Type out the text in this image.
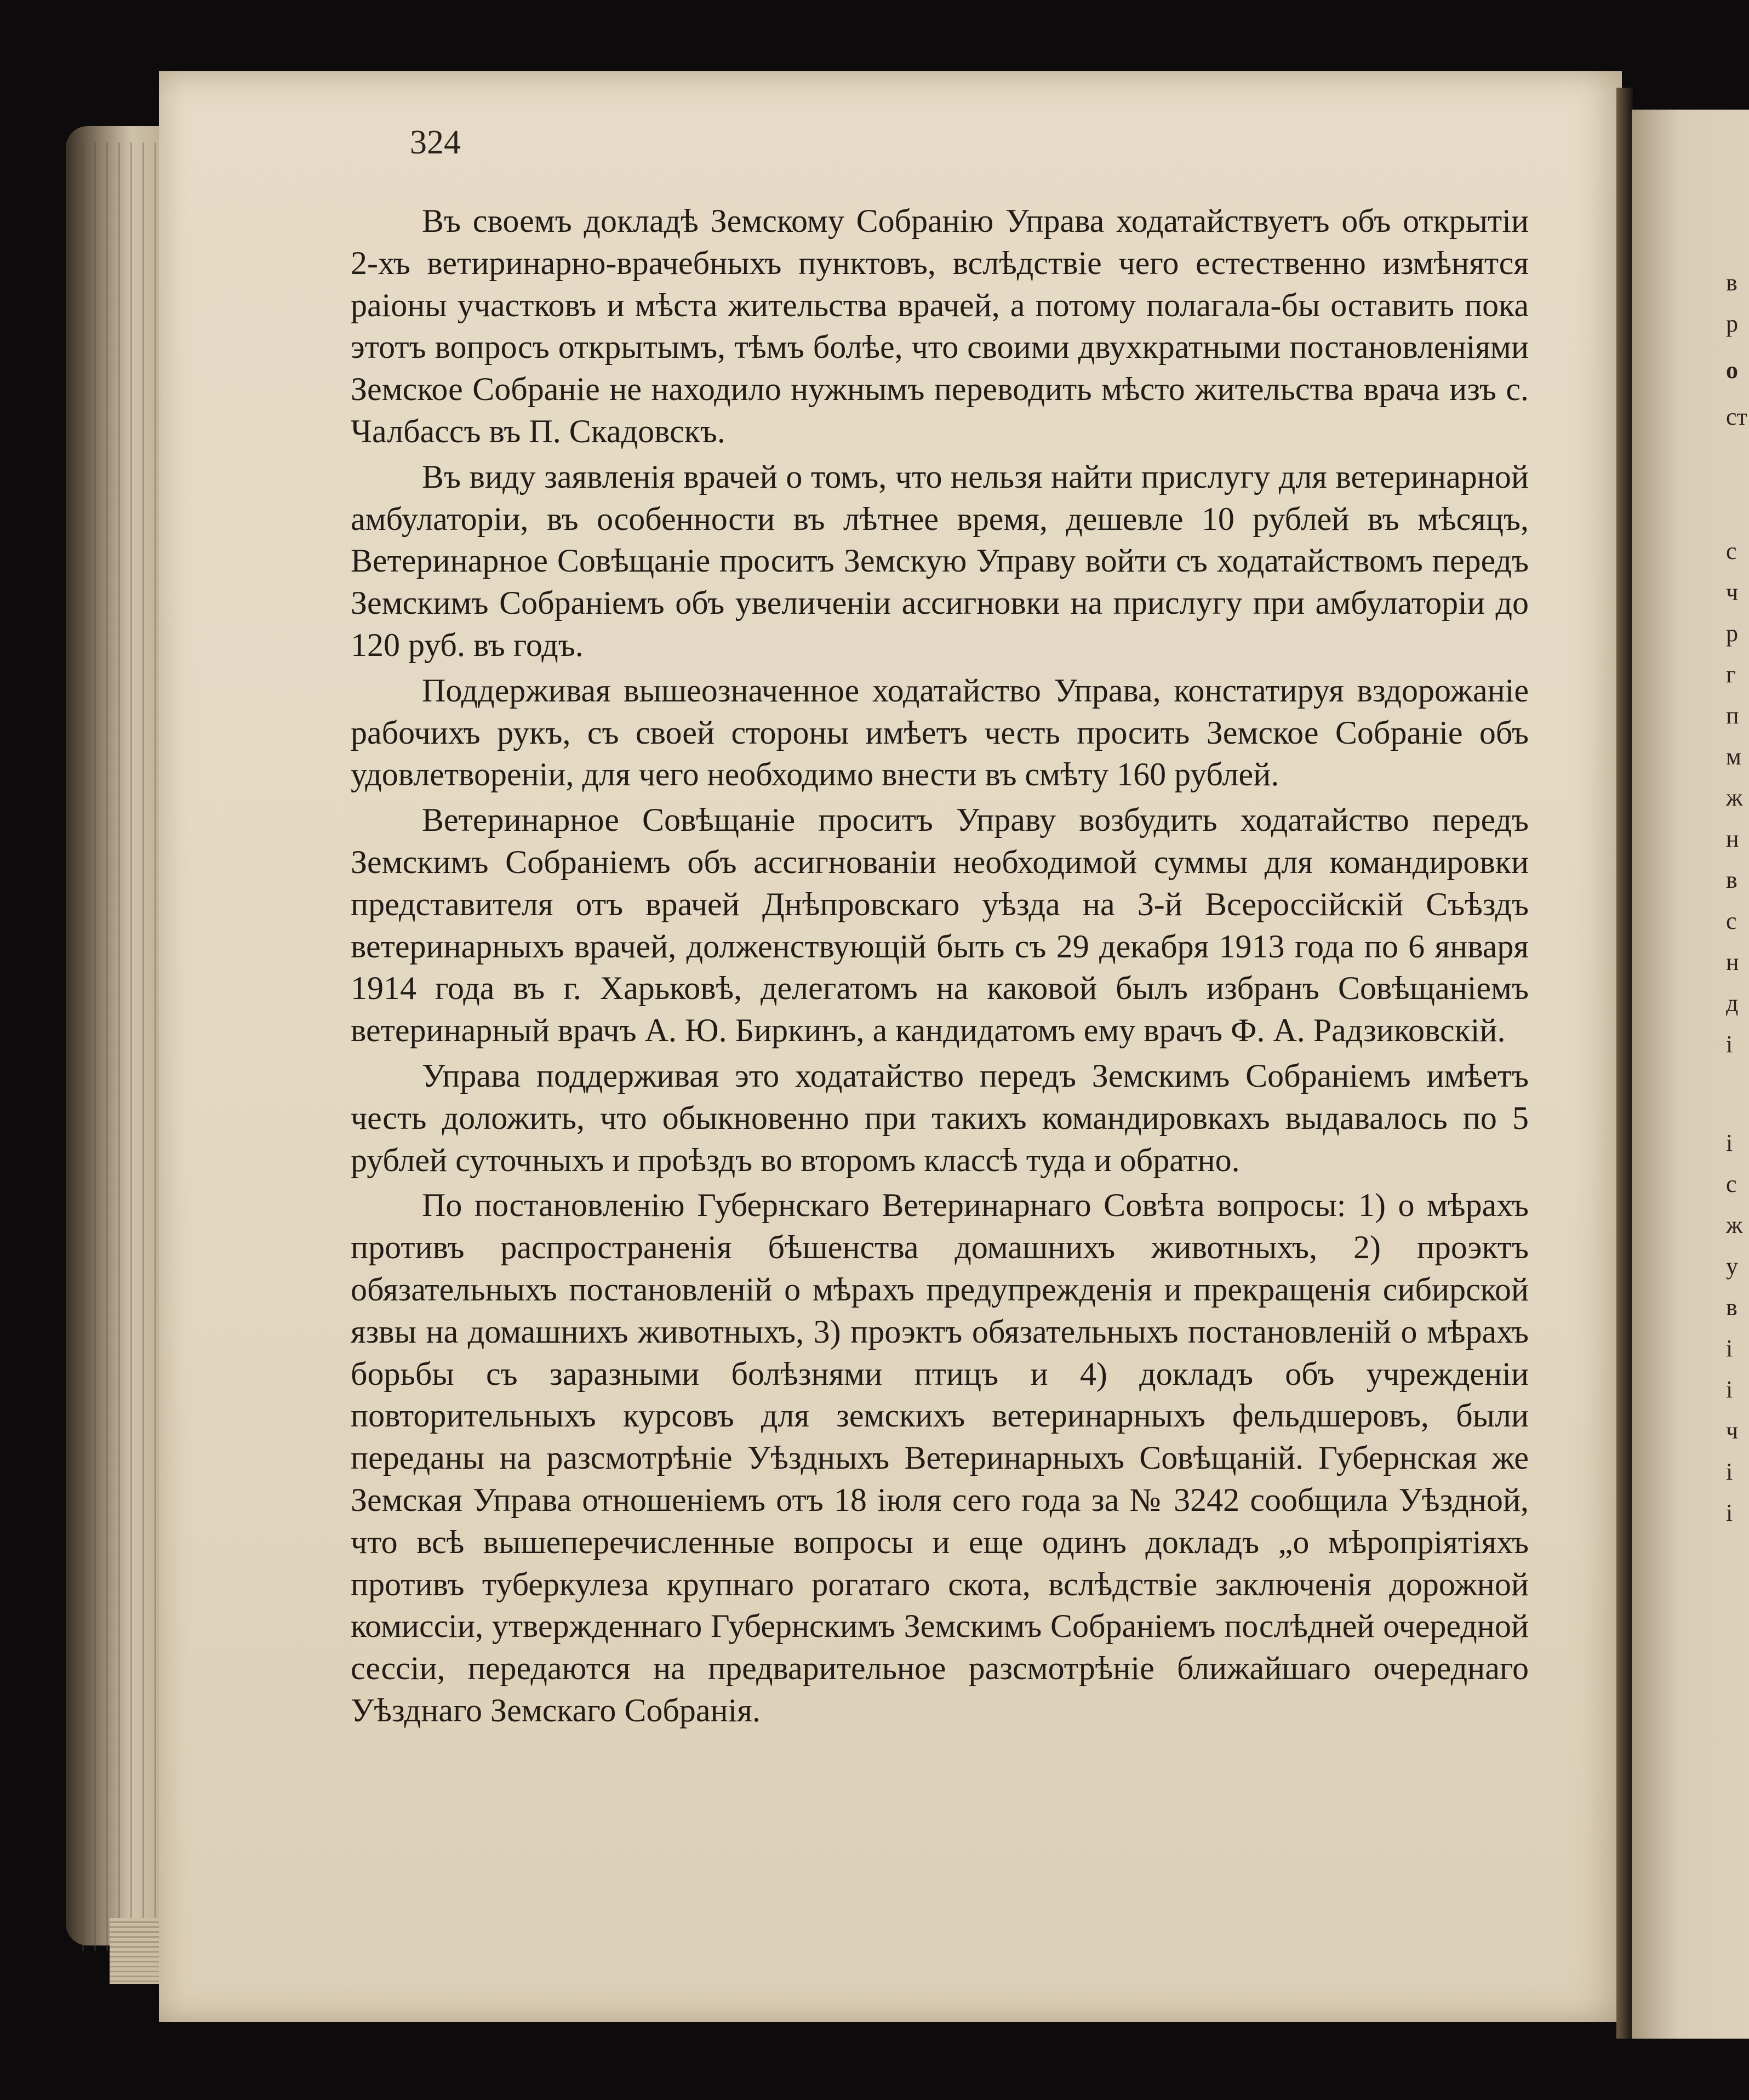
324

Въ своемъ докладѣ Земскому Собранію Управа ходатайствуетъ объ открытіи 2-хъ ветиринарно-врачебныхъ пунктовъ, вслѣдствіе чего естественно измѣнятся раіоны участковъ и мѣста жительства врачей, а потому полагала-бы оставить пока этотъ вопросъ открытымъ, тѣмъ болѣе, что своими двухкратными постановленіями Земское Собраніе не находило нужнымъ переводить мѣсто жительства врача изъ с. Чалбассъ въ П. Скадовскъ.

Въ виду заявленія врачей о томъ, что нельзя найти прислугу для ветеринарной амбулаторіи, въ особенности въ лѣтнее время, дешевле 10 рублей въ мѣсяцъ, Ветеринарное Совѣщаніе проситъ Земскую Управу войти съ ходатайствомъ передъ Земскимъ Собраніемъ объ увеличеніи ассигновки на прислугу при амбулаторіи до 120 руб. въ годъ.

Поддерживая вышеозначенное ходатайство Управа, констатируя вздорожаніе рабочихъ рукъ, съ своей стороны имѣетъ честь просить Земское Собраніе объ удовлетвореніи, для чего необходимо внести въ смѣту 160 рублей.

Ветеринарное Совѣщаніе проситъ Управу возбудить ходатайство передъ Земскимъ Собраніемъ объ ассигнованіи необходимой суммы для командировки представителя отъ врачей Днѣпровскаго уѣзда на 3-й Всероссійскій Съѣздъ ветеринарныхъ врачей, долженствующій быть съ 29 декабря 1913 года по 6 января 1914 года въ г. Харьковѣ, делегатомъ на каковой былъ избранъ Совѣщаніемъ ветеринарный врачъ А. Ю. Биркинъ, а кандидатомъ ему врачъ Ф. А. Радзиковскій.

Управа поддерживая это ходатайство передъ Земскимъ Собраніемъ имѣетъ честь доложить, что обыкновенно при такихъ командировкахъ выдавалось по 5 рублей суточныхъ и проѣздъ во второмъ классѣ туда и обратно.

По постановленію Губернскаго Ветеринарнаго Совѣта вопросы: 1) о мѣрахъ противъ распространенія бѣшенства домашнихъ животныхъ, 2) проэктъ обязательныхъ постановленій о мѣрахъ предупрежденія и прекращенія сибирской язвы на домашнихъ животныхъ, 3) проэктъ обязательныхъ постановленій о мѣрахъ борьбы съ заразными болѣзнями птицъ и 4) докладъ объ учрежденіи повторительныхъ курсовъ для земскихъ ветеринарныхъ фельдшеровъ, были переданы на разсмотрѣніе Уѣздныхъ Ветеринарныхъ Совѣщаній. Губернская же Земская Управа отношеніемъ отъ 18 іюля сего года за № 3242 сообщила Уѣздной, что всѣ вышеперечисленные вопросы и еще одинъ докладъ „о мѣропріятіяхъ противъ туберкулеза крупнаго рогатаго скота, вслѣдствіе заключенія дорожной комиссіи, утвержденнаго Губернскимъ Земскимъ Собраніемъ послѣдней очередной сессіи, передаются на предварительное разсмотрѣніе ближайшаго очереднаго Уѣзднаго Земскаго Собранія.

в
р
о
ст
с
ч
р
г
п
м
ж
н
в
с
н
д
і
і
с
ж
у
в
і
і
ч
і
і
